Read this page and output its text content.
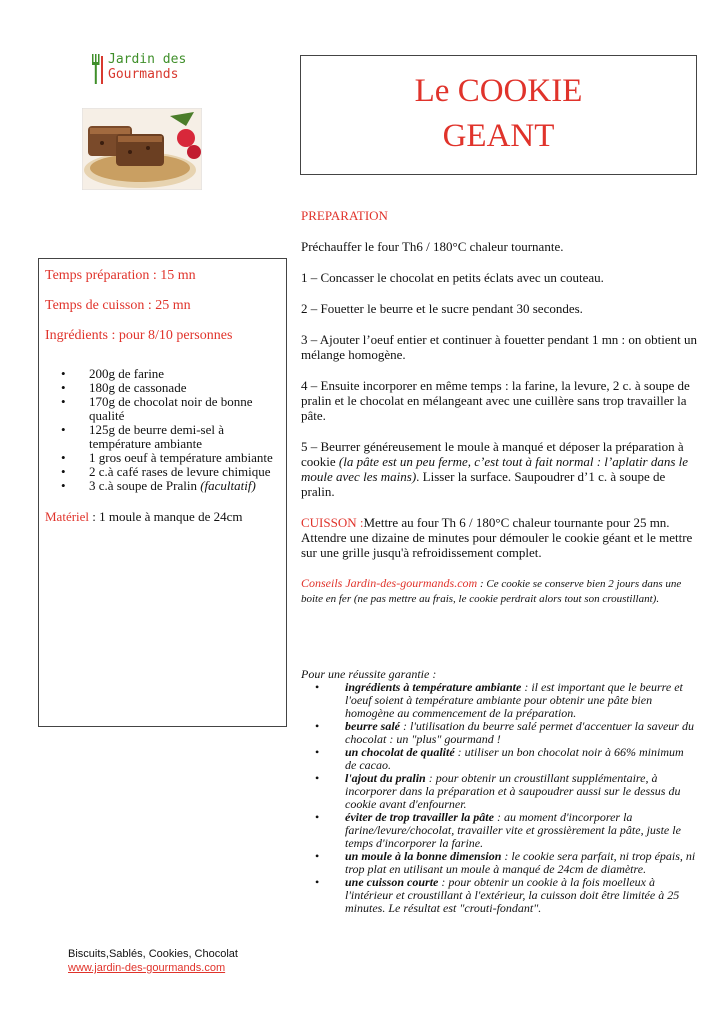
Jardin des
Gourmands	Le COOKIE
GEANT

Temps préparation : 15 mn

Temps de cuisson : 25 mn

Ingrédients : pour 8/10 personnes

• 200g de farine
• 180g de cassonade
• 170g de chocolat noir de bonne qualité
• 125g de beurre demi-sel à température ambiante
• 1 gros oeuf à température ambiante
• 2 c.à café rases de levure chimique
• 3 c.à soupe de Pralin (facultatif)
Matériel : 1 moule à manque de 24cm

PREPARATION

Préchauffer le four Th6 / 180°C chaleur tournante.

1 – Concasser le chocolat en petits éclats avec un couteau.

2 – Fouetter le beurre et le sucre pendant 30 secondes.

3 – Ajouter l’oeuf entier et continuer à fouetter pendant 1 mn : on obtient un mélange homogène.

4 – Ensuite incorporer en même temps : la farine, la levure, 2 c. à soupe de pralin et le chocolat en mélangeant avec une cuillère sans trop travailler la pâte.

5 – Beurrer généreusement le moule à manqué et déposer la préparation à cookie (la pâte est un peu ferme, c’est tout à fait normal : l’aplatir dans le moule avec les mains). Lisser la surface. Saupoudrer d’1 c. à soupe de pralin.

CUISSON :Mettre au four Th 6 / 180°C chaleur tournante pour 25 mn. Attendre une dizaine de minutes pour démouler le cookie géant et le mettre sur une grille jusqu'à refroidissement complet.

Conseils Jardin-des-gourmands.com : Ce cookie se conserve bien 2 jours dans une boite en fer (ne pas mettre au frais, le cookie perdrait alors tout son croustillant).

Pour une réussite garantie :
• ingrédients à température ambiante : il est important que le beurre et l'oeuf soient à température ambiante pour obtenir une pâte bien homogène au commencement de la préparation.
• beurre salé : l'utilisation du beurre salé permet d'accentuer la saveur du chocolat : un "plus" gourmand !
• un chocolat de qualité : utiliser un bon chocolat noir à 66% minimum de cacao.
• l'ajout du pralin : pour obtenir un croustillant supplémentaire, à incorporer dans la préparation et à saupoudrer aussi sur le dessus du cookie avant d'enfourner.
• éviter de trop travailler la pâte : au moment d'incorporer la farine/levure/chocolat, travailler vite et grossièrement la pâte, juste le temps d'incorporer la farine.
• un moule à la bonne dimension : le cookie sera parfait, ni trop épais, ni trop plat en utilisant un moule à manqué de 24cm de diamètre.
• une cuisson courte : pour obtenir un cookie à la fois moelleux à l'intérieur et croustillant à l'extérieur, la cuisson doit être limitée à 25 minutes. Le résultat est "crouti-fondant".
Biscuits,Sablés, Cookies, Chocolat
www.jardin-des-gourmands.com
